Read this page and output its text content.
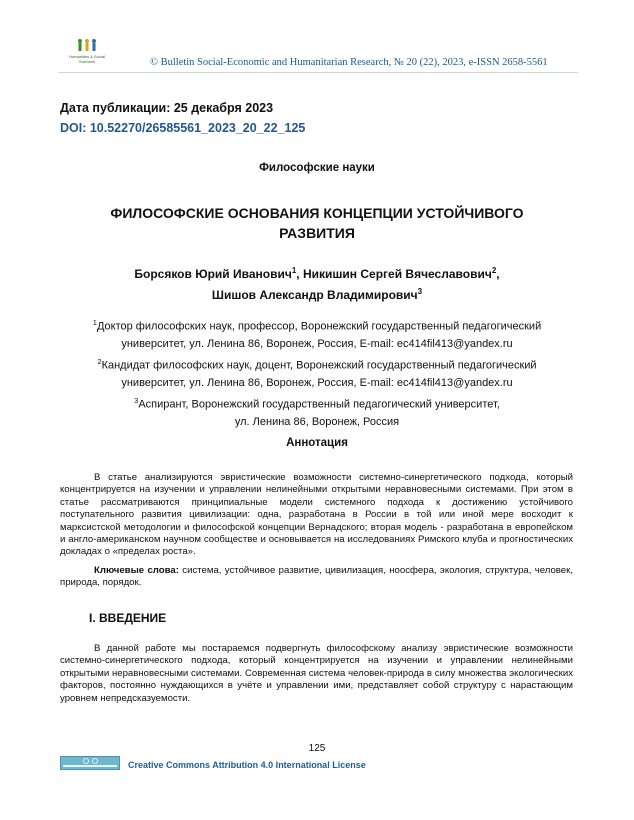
Humanities & Social Sciences	© Bulletin Social-Economic and Humanitarian Research, № 20 (22), 2023, e-ISSN 2658-5561
Дата публикации: 25 декабря 2023
DOI: 10.52270/26585561_2023_20_22_125
Философские науки
ФИЛОСОФСКИЕ ОСНОВАНИЯ КОНЦЕПЦИИ УСТОЙЧИВОГО
РАЗВИТИЯ
Борсяков Юрий Иванович$^1$, Никишин Сергей Вячеславович$^2$,
Шишов Александр Владимирович$^3$
$^1$Доктор философских наук, профессор, Воронежский государственный педагогический
университет, ул. Ленина 86, Воронеж, Россия, E-mail: ec414fil413@yandex.ru
$^2$Кандидат философских наук, доцент, Воронежский государственный педагогический
университет, ул. Ленина 86, Воронеж, Россия, E-mail: ec414fil413@yandex.ru
$^3$Аспирант, Воронежский государственный педагогический университет,
ул. Ленина 86, Воронеж, Россия
Аннотация
В статье анализируются эвристические возможности системно-синергетического подхода, который концентрируется на изучении и управлении нелинейными открытыми неравновесными системами. При этом в статье рассматриваются принципиальные модели системного подхода к достижению устойчивого поступательного развития цивилизации: одна, разработана в России в той или иной мере восходит к марксистской методологии и философской концепции Вернадского; вторая модель - разработана в европейском и англо-американском научном сообществе и основывается на исследованиях Римского клуба и прогностических докладах о «пределах роста».
Ключевые слова: система, устойчивое развитие, цивилизация, ноосфера, экология, структура, человек, природа, порядок.
I. ВВЕДЕНИЕ
В данной работе мы постараемся подвергнуть философскому анализу эвристические возможности системно-синергетического подхода, который концентрируется на изучении и управлении нелинейными открытыми неравновесными системами. Современная система человек-природа в силу множества экологических факторов, постоянно нуждающихся в учёте и управлении ими, представляет собой структуру с нарастающим уровнем непредсказуемости.
125
Creative Commons Attribution 4.0 International License
